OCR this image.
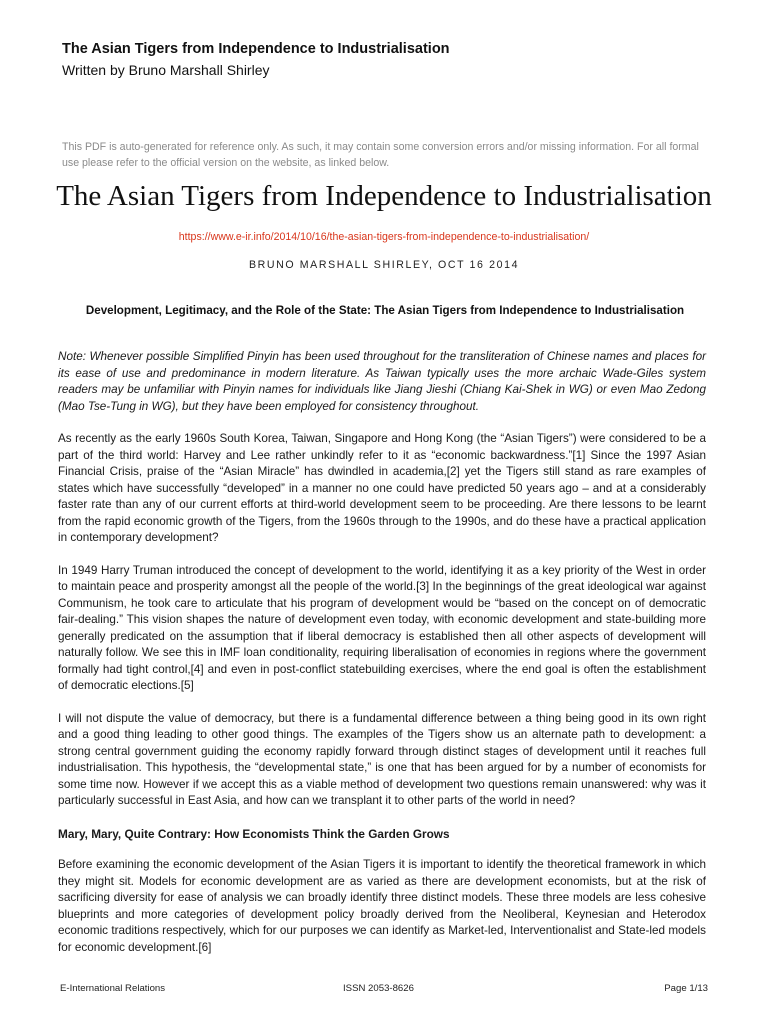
The Asian Tigers from Independence to Industrialisation
Written by Bruno Marshall Shirley
This PDF is auto-generated for reference only. As such, it may contain some conversion errors and/or missing information. For all formal use please refer to the official version on the website, as linked below.
The Asian Tigers from Independence to Industrialisation
https://www.e-ir.info/2014/10/16/the-asian-tigers-from-independence-to-industrialisation/
BRUNO MARSHALL SHIRLEY, OCT 16 2014
Development, Legitimacy, and the Role of the State: The Asian Tigers from Independence to Industrialisation

Note: Whenever possible Simplified Pinyin has been used throughout for the transliteration of Chinese names and places for its ease of use and predominance in modern literature. As Taiwan typically uses the more archaic Wade-Giles system readers may be unfamiliar with Pinyin names for individuals like Jiang Jieshi (Chiang Kai-Shek in WG) or even Mao Zedong (Mao Tse-Tung in WG), but they have been employed for consistency throughout.

As recently as the early 1960s South Korea, Taiwan, Singapore and Hong Kong (the “Asian Tigers”) were considered to be a part of the third world: Harvey and Lee rather unkindly refer to it as “economic backwardness.”[1] Since the 1997 Asian Financial Crisis, praise of the “Asian Miracle” has dwindled in academia,[2] yet the Tigers still stand as rare examples of states which have successfully “developed” in a manner no one could have predicted 50 years ago – and at a considerably faster rate than any of our current efforts at third-world development seem to be proceeding. Are there lessons to be learnt from the rapid economic growth of the Tigers, from the 1960s through to the 1990s, and do these have a practical application in contemporary development?

In 1949 Harry Truman introduced the concept of development to the world, identifying it as a key priority of the West in order to maintain peace and prosperity amongst all the people of the world.[3] In the beginnings of the great ideological war against Communism, he took care to articulate that his program of development would be “based on the concept on of democratic fair-dealing.” This vision shapes the nature of development even today, with economic development and state-building more generally predicated on the assumption that if liberal democracy is established then all other aspects of development will naturally follow. We see this in IMF loan conditionality, requiring liberalisation of economies in regions where the government formally had tight control,[4] and even in post-conflict statebuilding exercises, where the end goal is often the establishment of democratic elections.[5]

I will not dispute the value of democracy, but there is a fundamental difference between a thing being good in its own right and a good thing leading to other good things. The examples of the Tigers show us an alternate path to development: a strong central government guiding the economy rapidly forward through distinct stages of development until it reaches full industrialisation. This hypothesis, the “developmental state,” is one that has been argued for by a number of economists for some time now. However if we accept this as a viable method of development two questions remain unanswered: why was it particularly successful in East Asia, and how can we transplant it to other parts of the world in need?

Mary, Mary, Quite Contrary: How Economists Think the Garden Grows

Before examining the economic development of the Asian Tigers it is important to identify the theoretical framework in which they might sit. Models for economic development are as varied as there are development economists, but at the risk of sacrificing diversity for ease of analysis we can broadly identify three distinct models. These three models are less cohesive blueprints and more categories of development policy broadly derived from the Neoliberal, Keynesian and Heterodox economic traditions respectively, which for our purposes we can identify as Market-led, Interventionalist and State-led models for economic development.[6]

E-International Relations	ISSN 2053-8626	Page 1/13
